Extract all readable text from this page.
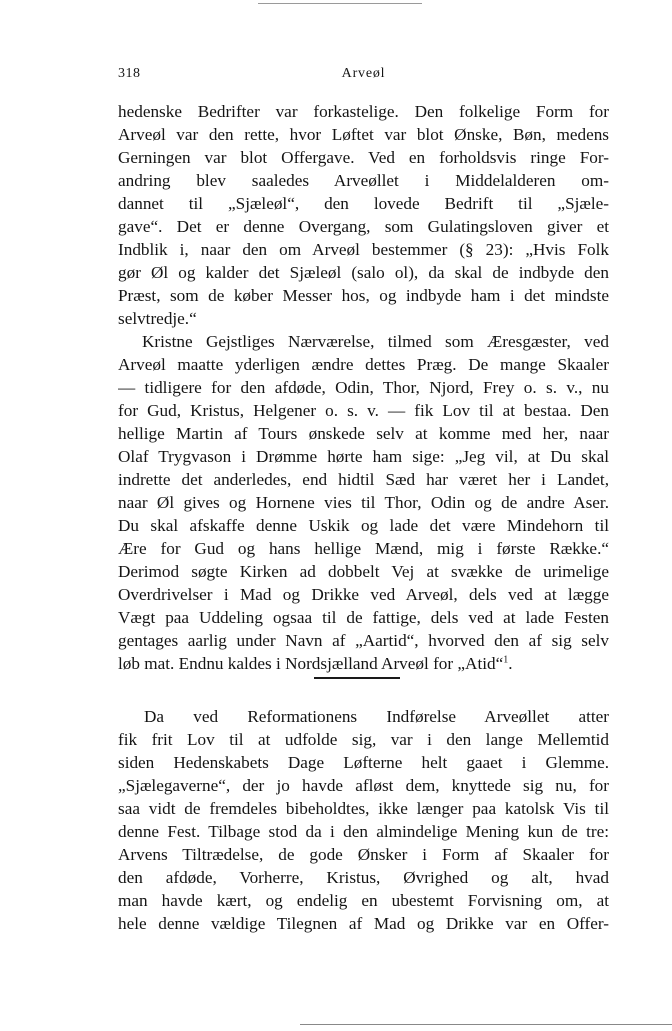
318	Arveøl
hedenske Bedrifter var forkastelige. Den folkelige Form for
Arveøl var den rette, hvor Løftet var blot Ønske, Bøn, medens
Gerningen var blot Offergave. Ved en forholdsvis ringe For-
andring blev saaledes Arveøllet i Middelalderen om-
dannet til „Sjæleøl“, den lovede Bedrift til „Sjæle-
gave“. Det er denne Overgang, som Gulatingsloven giver et
Indblik i, naar den om Arveøl bestemmer (§ 23): „Hvis Folk
gør Øl og kalder det Sjæleøl (salo ol), da skal de indbyde den
Præst, som de køber Messer hos, og indbyde ham i det mindste
selvtredje.“
Kristne Gejstliges Nærværelse, tilmed som Æresgæster, ved
Arveøl maatte yderligen ændre dettes Præg. De mange Skaaler
— tidligere for den afdøde, Odin, Thor, Njord, Frey o. s. v., nu
for Gud, Kristus, Helgener o. s. v. — fik Lov til at bestaa. Den
hellige Martin af Tours ønskede selv at komme med her, naar
Olaf Trygvason i Drømme hørte ham sige: „Jeg vil, at Du skal
indrette det anderledes, end hidtil Sæd har været her i Landet,
naar Øl gives og Hornene vies til Thor, Odin og de andre Aser.
Du skal afskaffe denne Uskik og lade det være Mindehorn til
Ære for Gud og hans hellige Mænd, mig i første Række.“
Derimod søgte Kirken ad dobbelt Vej at svække de urimelige
Overdrivelser i Mad og Drikke ved Arveøl, dels ved at lægge
Vægt paa Uddeling ogsaa til de fattige, dels ved at lade Festen
gentages aarlig under Navn af „Aartid“, hvorved den af sig selv
løb mat. Endnu kaldes i Nordsjælland Arveøl for „Atid“$^1$.
Da ved Reformationens Indførelse Arveøllet atter
fik frit Lov til at udfolde sig, var i den lange Mellemtid
siden Hedenskabets Dage Løfterne helt gaaet i Glemme.
„Sjælegaverne“, der jo havde afløst dem, knyttede sig nu, for
saa vidt de fremdeles bibeholdtes, ikke længer paa katolsk Vis til
denne Fest. Tilbage stod da i den almindelige Mening kun de tre:
Arvens Tiltrædelse, de gode Ønsker i Form af Skaaler for
den afdøde, Vorherre, Kristus, Øvrighed og alt, hvad
man havde kært, og endelig en ubestemt Forvisning om, at
hele denne vældige Tilegnen af Mad og Drikke var en Offer-
